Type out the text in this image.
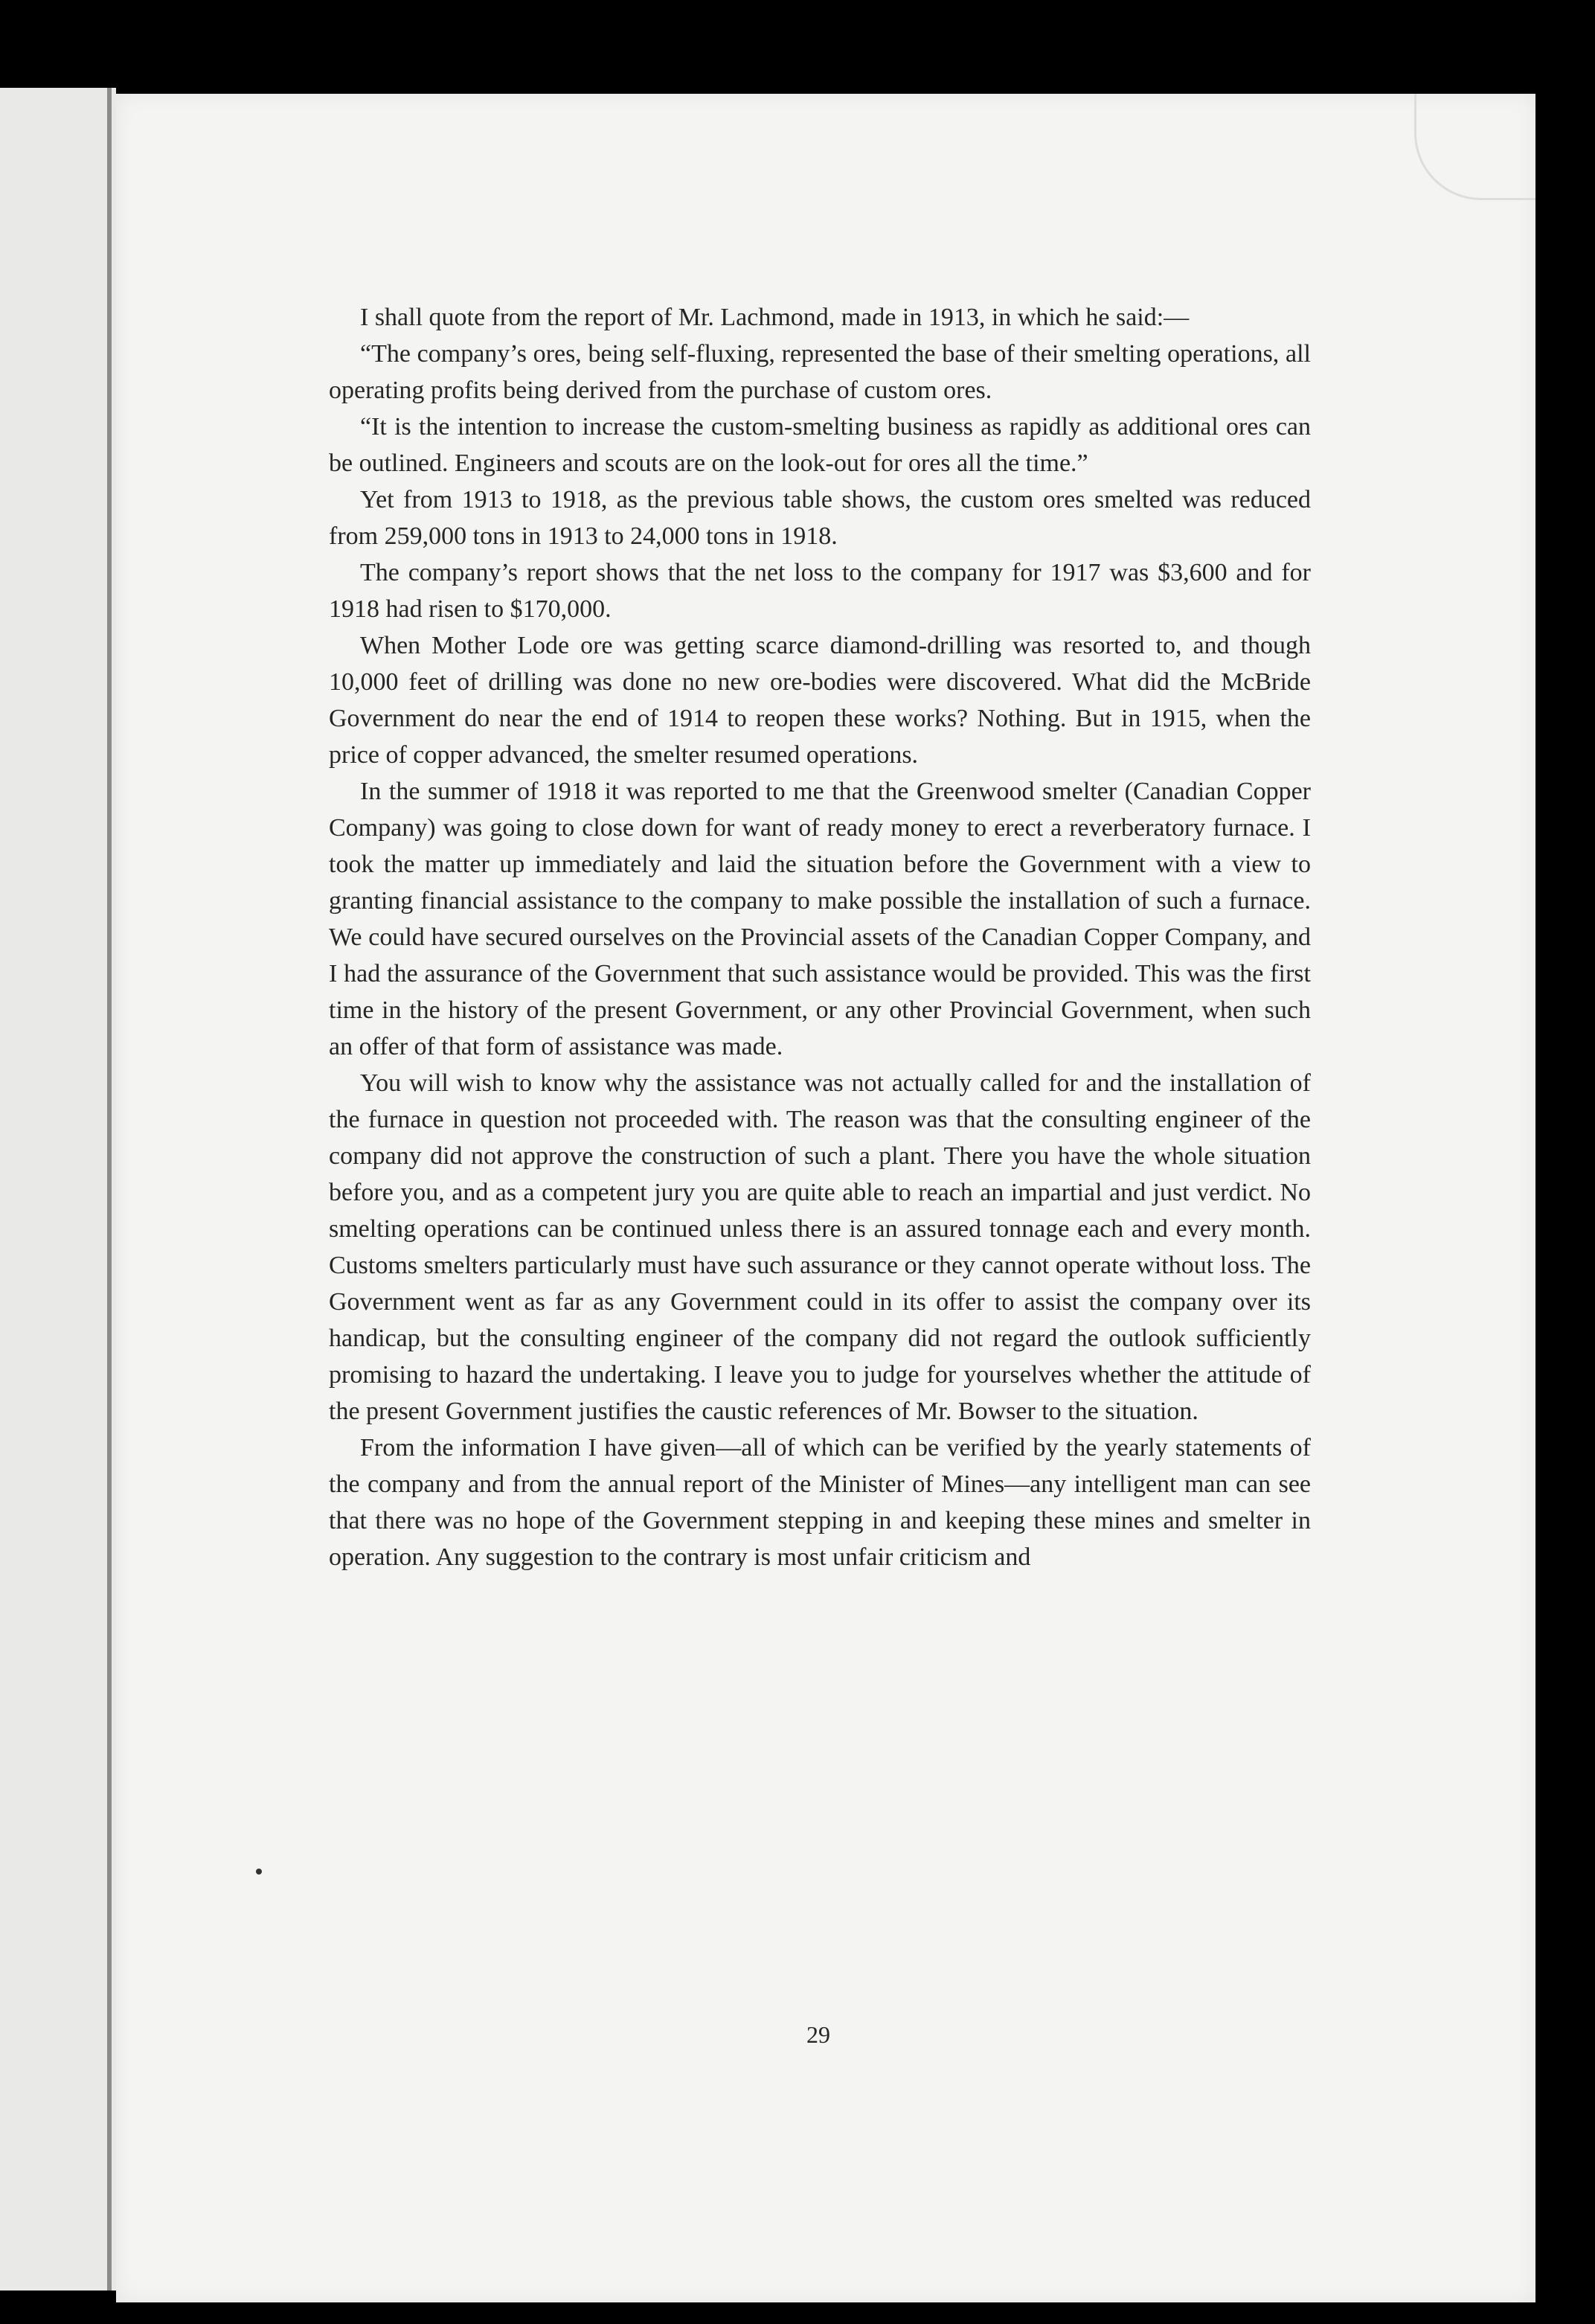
I shall quote from the report of Mr. Lachmond, made in 1913, in which he said:—

“The company’s ores, being self-fluxing, represented the base of their smelting operations, all operating profits being derived from the purchase of custom ores.

“It is the intention to increase the custom-smelting business as rapidly as additional ores can be outlined. Engineers and scouts are on the look-out for ores all the time.”

Yet from 1913 to 1918, as the previous table shows, the custom ores smelted was reduced from 259,000 tons in 1913 to 24,000 tons in 1918.

The company’s report shows that the net loss to the company for 1917 was $3,600 and for 1918 had risen to $170,000.

When Mother Lode ore was getting scarce diamond-drilling was resorted to, and though 10,000 feet of drilling was done no new ore-bodies were discovered. What did the McBride Government do near the end of 1914 to reopen these works? Nothing. But in 1915, when the price of copper advanced, the smelter resumed operations.

In the summer of 1918 it was reported to me that the Greenwood smelter (Canadian Copper Company) was going to close down for want of ready money to erect a reverberatory furnace. I took the matter up immediately and laid the situation before the Government with a view to granting financial assistance to the company to make possible the installation of such a furnace. We could have secured ourselves on the Provincial assets of the Canadian Copper Company, and I had the assurance of the Government that such assistance would be provided. This was the first time in the history of the present Government, or any other Provincial Government, when such an offer of that form of assistance was made.

You will wish to know why the assistance was not actually called for and the installation of the furnace in question not proceeded with. The reason was that the consulting engineer of the company did not approve the construction of such a plant. There you have the whole situation before you, and as a competent jury you are quite able to reach an impartial and just verdict. No smelting operations can be continued unless there is an assured tonnage each and every month. Customs smelters particularly must have such assurance or they cannot operate without loss. The Government went as far as any Government could in its offer to assist the company over its handicap, but the consulting engineer of the company did not regard the outlook sufficiently promising to hazard the undertaking. I leave you to judge for yourselves whether the attitude of the present Government justifies the caustic references of Mr. Bowser to the situation.

From the information I have given—all of which can be verified by the yearly statements of the company and from the annual report of the Minister of Mines—any intelligent man can see that there was no hope of the Government stepping in and keeping these mines and smelter in operation. Any suggestion to the contrary is most unfair criticism and

29
